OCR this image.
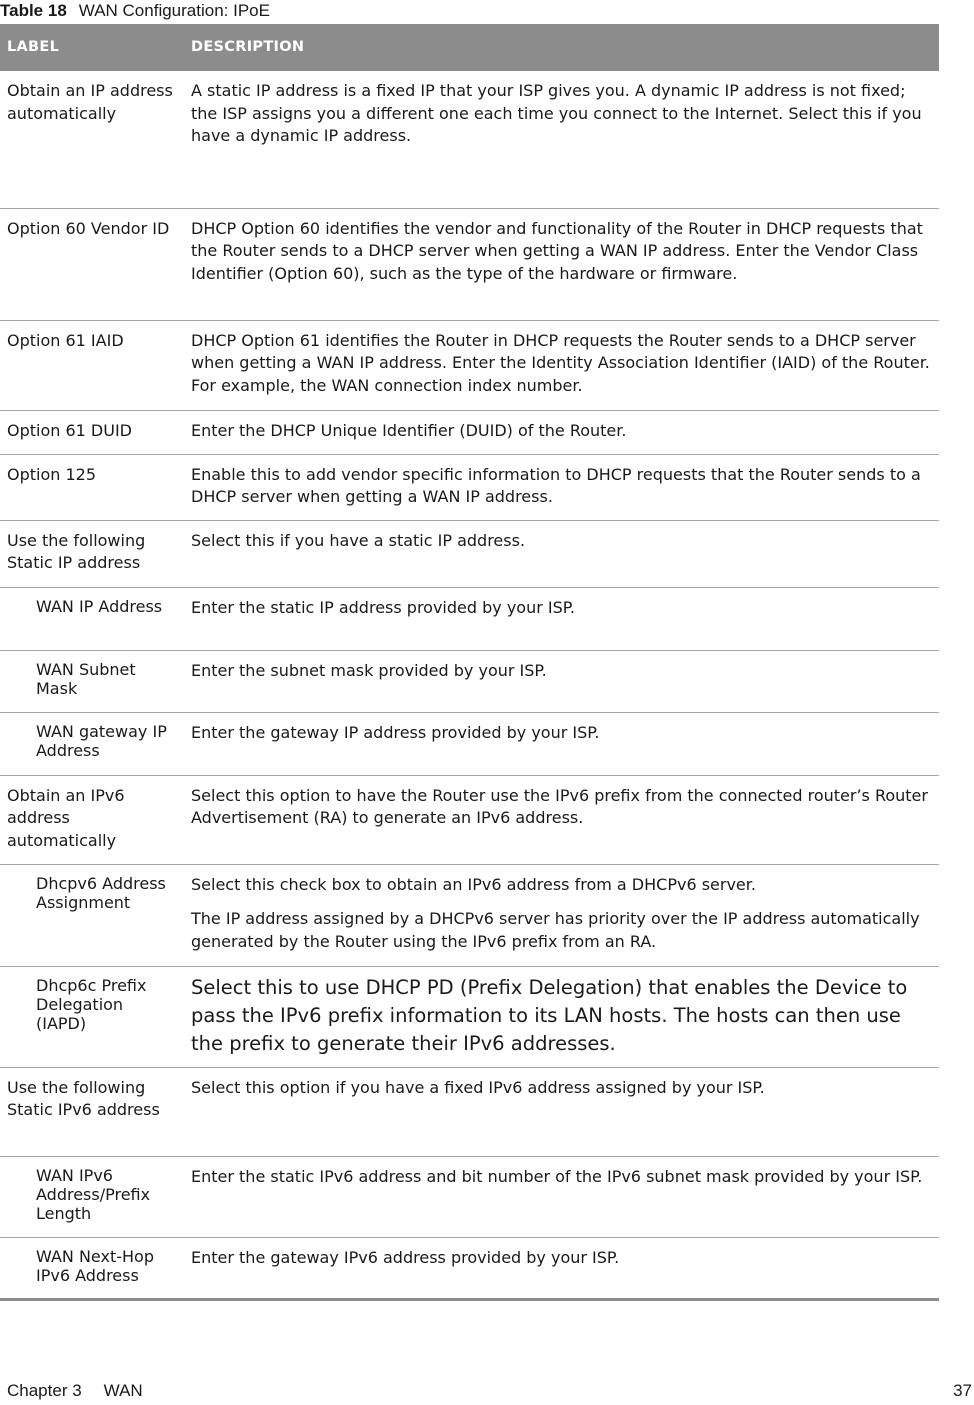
Table 18 WAN Configuration: IPoE
LABEL	DESCRIPTION
Obtain an IP address automatically	A static IP address is a fixed IP that your ISP gives you. A dynamic IP address is not fixed; the ISP assigns you a different one each time you connect to the Internet. Select this if you have a dynamic IP address.

Option 60 Vendor ID	DHCP Option 60 identifies the vendor and functionality of the Router in DHCP requests that the Router sends to a DHCP server when getting a WAN IP address. Enter the Vendor Class Identifier (Option 60), such as the type of the hardware or firmware.

Option 61 IAID	DHCP Option 61 identifies the Router in DHCP requests the Router sends to a DHCP server when getting a WAN IP address. Enter the Identity Association Identifier (IAID) of the Router. For example, the WAN connection index number.

Option 61 DUID	Enter the DHCP Unique Identifier (DUID) of the Router.

Option 125	Enable this to add vendor specific information to DHCP requests that the Router sends to a DHCP server when getting a WAN IP address.

Use the following Static IP address	Select this if you have a static IP address.

WAN IP Address	Enter the static IP address provided by your ISP.

WAN Subnet Mask	Enter the subnet mask provided by your ISP.

WAN gateway IP Address	Enter the gateway IP address provided by your ISP.

Obtain an IPv6 address automatically	Select this option to have the Router use the IPv6 prefix from the connected router’s Router Advertisement (RA) to generate an IPv6 address.

Dhcpv6 Address Assignment	Select this check box to obtain an IPv6 address from a DHCPv6 server.

The IP address assigned by a DHCPv6 server has priority over the IP address automatically generated by the Router using the IPv6 prefix from an RA.

Dhcp6c Prefix Delegation (IAPD)	Select this to use DHCP PD (Prefix Delegation) that enables the Device to pass the IPv6 prefix information to its LAN hosts. The hosts can then use the prefix to generate their IPv6 addresses.

Use the following Static IPv6 address	Select this option if you have a fixed IPv6 address assigned by your ISP.

WAN IPv6 Address/Prefix Length	Enter the static IPv6 address and bit number of the IPv6 subnet mask provided by your ISP.

WAN Next-Hop IPv6 Address	Enter the gateway IPv6 address provided by your ISP.

Chapter 3 WAN	37
